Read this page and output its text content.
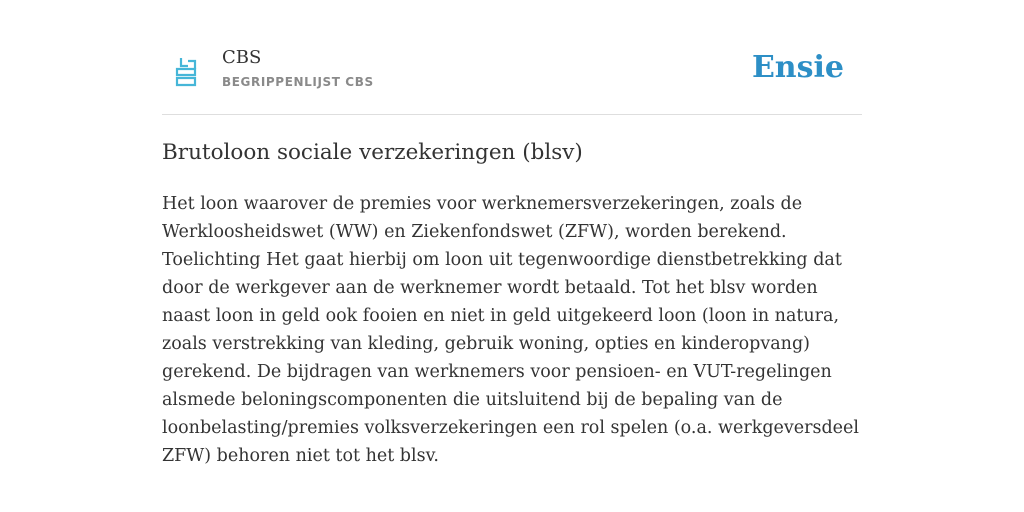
CBS
BEGRIPPENLIJST CBS	Ensie
Brutoloon sociale verzekeringen (blsv)

Het loon waarover de premies voor werknemersverzekeringen, zoals de Werkloosheidswet (WW) en Ziekenfondswet (ZFW), worden berekend. Toelichting Het gaat hierbij om loon uit tegenwoordige dienstbetrekking dat door de werkgever aan de werknemer wordt betaald. Tot het blsv worden naast loon in geld ook fooien en niet in geld uitgekeerd loon (loon in natura, zoals verstrekking van kleding, gebruik woning, opties en kinderopvang) gerekend. De bijdragen van werknemers voor pensioen- en VUT-regelingen alsmede beloningscomponenten die uitsluitend bij de bepaling van de loonbelasting/premies volksverzekeringen een rol spelen (o.a. werkgeversdeel ZFW) behoren niet tot het blsv.
